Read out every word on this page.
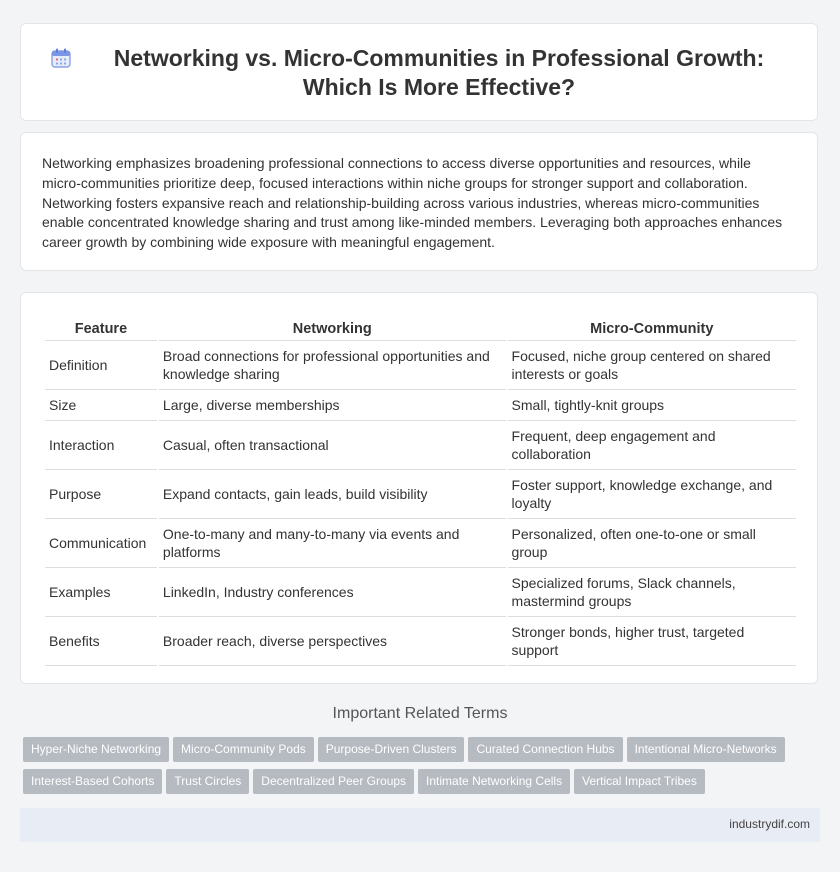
Networking vs. Micro-Communities in Professional Growth: Which Is More Effective?
Networking emphasizes broadening professional connections to access diverse opportunities and resources, while micro-communities prioritize deep, focused interactions within niche groups for stronger support and collaboration. Networking fosters expansive reach and relationship-building across various industries, whereas micro-communities enable concentrated knowledge sharing and trust among like-minded members. Leveraging both approaches enhances career growth by combining wide exposure with meaningful engagement.
Feature	Networking	Micro-Community
Definition	Broad connections for professional opportunities and knowledge sharing	Focused, niche group centered on shared interests or goals
Size	Large, diverse memberships	Small, tightly-knit groups
Interaction	Casual, often transactional	Frequent, deep engagement and collaboration
Purpose	Expand contacts, gain leads, build visibility	Foster support, knowledge exchange, and loyalty
Communication	One-to-many and many-to-many via events and platforms	Personalized, often one-to-one or small group
Examples	LinkedIn, Industry conferences	Specialized forums, Slack channels, mastermind groups
Benefits	Broader reach, diverse perspectives	Stronger bonds, higher trust, targeted support
Important Related Terms
Hyper-Niche Networking Micro-Community Pods Purpose-Driven Clusters Curated Connection Hubs Intentional Micro-NetworksInterest-Based Cohorts Trust Circles Decentralized Peer Groups Intimate Networking Cells Vertical Impact Tribes
industrydif.com
